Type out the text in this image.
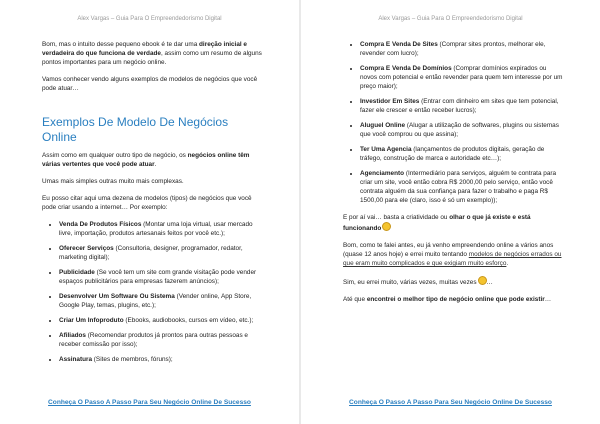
Alex Vargas – Guia Para O Empreendedorismo Digital

Bom, mas o intuito desse pequeno ebook é te dar uma direção inicial e verdadeira do que funciona de verdade, assim como um resumo de alguns pontos importantes para um negócio online.

Vamos conhecer vendo alguns exemplos de modelos de negócios que você pode atuar…

Exemplos De Modelo De Negócios Online

Assim como em qualquer outro tipo de negócio, os negócios online têm várias vertentes que você pode atuar.

Umas mais simples outras muito mais complexas.

Eu posso citar aqui uma dezena de modelos (tipos) de negócios que você pode criar usando a internet… Por exemplo:

• Venda De Produtos Físicos (Montar uma loja virtual, usar mercado livre, importação, produtos artesanais feitos por você etc.);
• Oferecer Serviços (Consultoria, designer, programador, redator, marketing digital);
• Publicidade (Se você tem um site com grande visitação pode vender espaços publicitários para empresas fazerem anúncios);
• Desenvolver Um Software Ou Sistema (Vender online, App Store, Google Play, temas, plugins, etc.);
• Criar Um Infoproduto (Ebooks, audiobooks, cursos em vídeo, etc.);
• Afiliados (Recomendar produtos já prontos para outras pessoas e receber comissão por isso);
• Assinatura (Sites de membros, fóruns);
Conheça O Passo A Passo Para Seu Negócio Online De Sucesso
Alex Vargas – Guia Para O Empreendedorismo Digital
• Compra E Venda De Sites (Comprar sites prontos, melhorar ele, revender com lucro);
• Compra E Venda De Domínios (Comprar domínios expirados ou novos com potencial e então revender para quem tem interesse por um preço maior);
• Investidor Em Sites (Entrar com dinheiro em sites que tem potencial, fazer ele crescer e então receber lucros);
• Aluguel Online (Alugar a utilização de softwares, plugins ou sistemas que você comprou ou que assina);
• Ter Uma Agencia (lançamentos de produtos digitais, geração de tráfego, construção de marca e autoridade etc…);
• Agenciamento (Intermediário para serviços, alguém te contrata para criar um site, você então cobra R$ 2000,00 pelo serviço, então você contrata alguém da sua confiança para fazer o trabalho e paga R$ 1500,00 para ele (claro, isso é só um exemplo));

E por aí vai… basta a criatividade ou olhar o que já existe e está funcionando

Bom, como te falei antes, eu já venho empreendendo online a vários anos (quase 12 anos hoje) e errei muito tentando modelos de negócios errados ou que eram muito complicados e que exigiam muito esforço.

Sim, eu errei muito, várias vezes, muitas vezes …

Até que encontrei o melhor tipo de negócio online que pode existir…

Conheça O Passo A Passo Para Seu Negócio Online De Sucesso
